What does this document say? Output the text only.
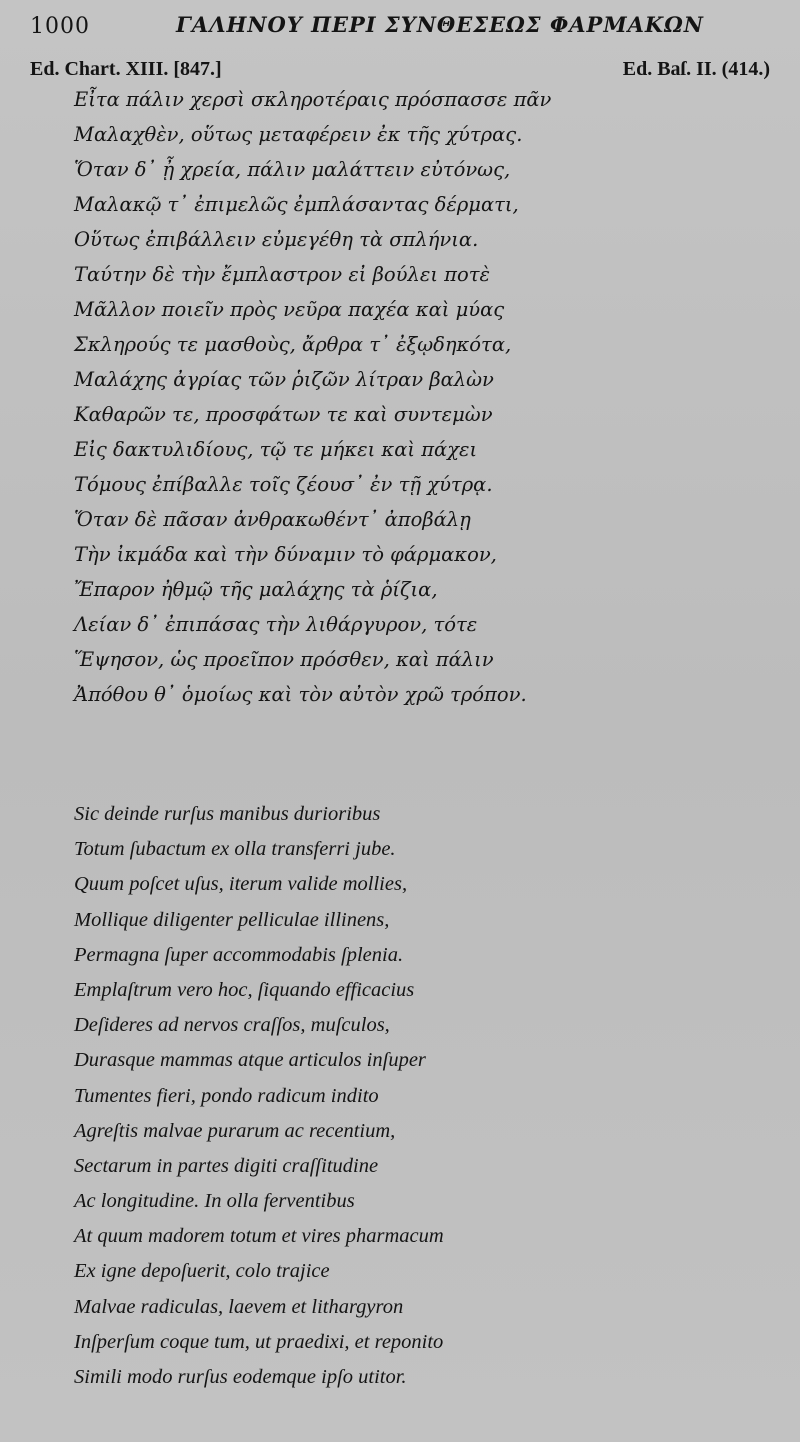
1000	ΓΑΛΗΝΟΥ ΠΕΡΙ ΣΥΝΘΕΣΕΩΣ ΦΑΡΜΑΚΩΝ
Ed. Chart. XIII. [847.]	Ed. Baſ. II. (414.)
Εἶτα πάλιν χερσὶ σκληροτέραις πρόσπασσε πᾶν
Μαλαχθὲν, οὕτως μεταφέρειν ἐκ τῆς χύτρας.
Ὅταν δ᾽ ᾖ χρεία, πάλιν μαλάττειν εὐτόνως,
Μαλακῷ τ᾽ ἐπιμελῶς ἐμπλάσαντας δέρματι,
Οὕτως ἐπιβάλλειν εὐμεγέθη τὰ σπλήνια.
Ταύτην δὲ τὴν ἔμπλαστρον εἰ βούλει ποτὲ
Μᾶλλον ποιεῖν πρὸς νεῦρα παχέα καὶ μύας
Σκληρούς τε μασθοὺς, ἄρθρα τ᾽ ἐξῳδηκότα,
Μαλάχης ἀγρίας τῶν ῥιζῶν λίτραν βαλὼν
Καθαρῶν τε, προσφάτων τε καὶ συντεμὼν
Εἰς δακτυλιδίους, τῷ τε μήκει καὶ πάχει
Τόμους ἐπίβαλλε τοῖς ζέουσ᾽ ἐν τῇ χύτρᾳ.
Ὅταν δὲ πᾶσαν ἀνθρακωθέντ᾽ ἀποβάλῃ
Τὴν ἰκμάδα καὶ τὴν δύναμιν τὸ φάρμακον,
Ἔπαρον ἠθμῷ τῆς μαλάχης τὰ ῥίζια,
Λείαν δ᾽ ἐπιπάσας τὴν λιθάργυρον, τότε
Ἕψησον, ὡς προεῖπον πρόσθεν, καὶ πάλιν
Ἀπόθου θ᾽ ὁμοίως καὶ τὸν αὐτὸν χρῶ τρόπον.
Sic deinde rurſus manibus durioribus
Totum ſubactum ex olla transferri jube.
Quum poſcet uſus, iterum valide mollies,
Mollique diligenter pelliculae illinens,
Permagna ſuper accommodabis ſplenia.
Emplaſtrum vero hoc, ſiquando efficacius
Deſideres ad nervos craſſos, muſculos,
Durasque mammas atque articulos inſuper
Tumentes fieri, pondo radicum indito
Agreſtis malvae purarum ac recentium,
Sectarum in partes digiti craſſitudine
Ac longitudine. In olla ferventibus
At quum madorem totum et vires pharmacum
Ex igne depoſuerit, colo trajice
Malvae radiculas, laevem et lithargyron
Inſperſum coque tum, ut praedixi, et reponito
Simili modo rurſus eodemque ipſo utitor.
